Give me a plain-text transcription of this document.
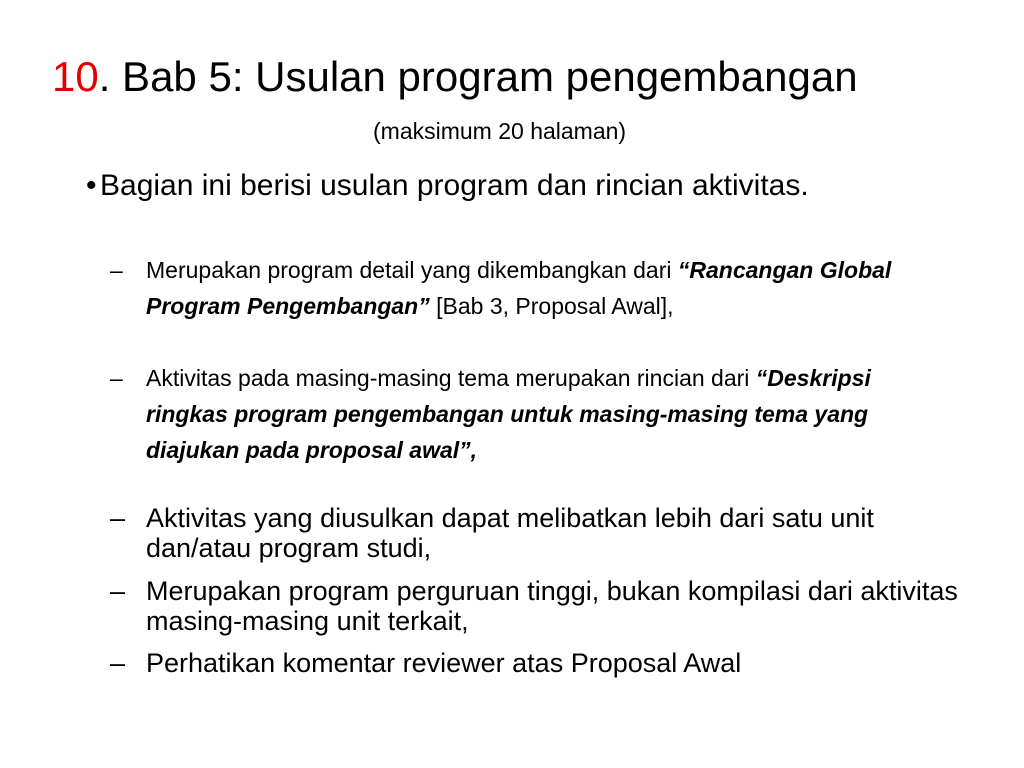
10. Bab 5: Usulan program pengembangan
(maksimum 20 halaman)
• Bagian ini berisi usulan program dan rincian aktivitas.
– Merupakan program detail yang dikembangkan dari “Rancangan Global Program Pengembangan” [Bab 3, Proposal Awal],
– Aktivitas pada masing-masing tema merupakan rincian dari “Deskripsi ringkas program pengembangan untuk masing-masing tema yang diajukan pada proposal awal”,
– Aktivitas yang diusulkan dapat melibatkan lebih dari satu unit dan/atau program studi,
– Merupakan program perguruan tinggi, bukan kompilasi dari aktivitas masing-masing unit terkait,
– Perhatikan komentar reviewer atas Proposal Awal
